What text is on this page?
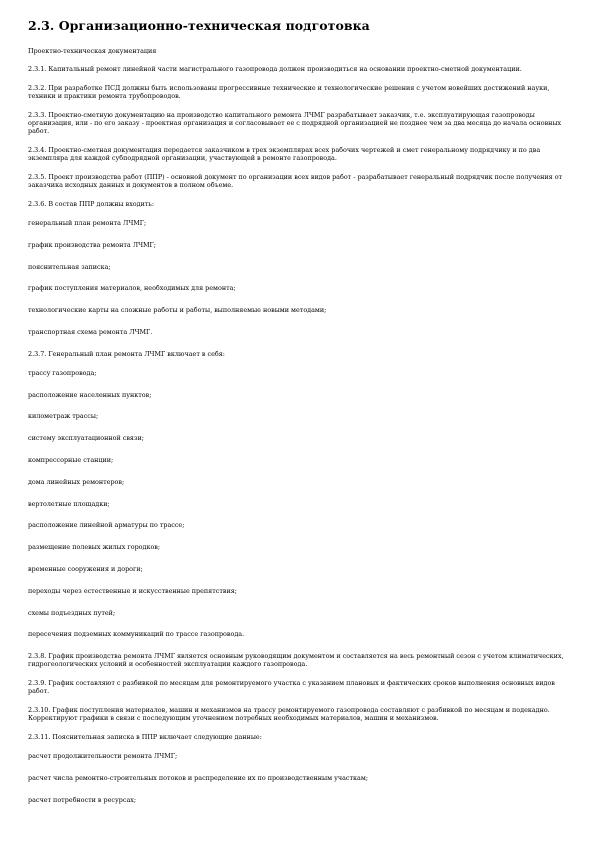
2.3. Организационно-техническая подготовка

Проектно-техническая документация

2.3.1. Капитальный ремонт линейной части магистрального газопровода должен производиться на основании проектно-сметной документации.

2.3.2. При разработке ПСД должны быть использованы прогрессивные технические и технологические решения с учетом новейших достижений науки, техники и практики ремонта трубопроводов.

2.3.3. Проектно-сметную документацию на производство капитального ремонта ЛЧМГ разрабатывает заказчик, т.е. эксплуатирующая газопроводы организация, или - по его заказу - проектная организация и согласовывает ее с подрядной организацией не позднее чем за два месяца до начала основных работ.

2.3.4. Проектно-сметная документация передается заказчиком в трех экземплярах всех рабочих чертежей и смет генеральному подрядчику и по два экземпляра для каждой субподрядной организации, участвующей в ремонте газопровода.

2.3.5. Проект производства работ (ППР) - основной документ по организации всех видов работ - разрабатывает генеральный подрядчик после получения от заказчика исходных данных и документов в полном объеме.

2.3.6. В состав ППР должны входить:

генеральный план ремонта ЛЧМГ;

график производства ремонта ЛЧМГ;

пояснительная записка;

график поступления материалов, необходимых для ремонта;

технологические карты на сложные работы и работы, выполняемые новыми методами;

транспортная схема ремонта ЛЧМГ.

2.3.7. Генеральный план ремонта ЛЧМГ включает в себя:

трассу газопровода;

расположение населенных пунктов;

километраж трассы;

систему эксплуатационной связи;

компрессорные станции;

дома линейных ремонтеров;

вертолетные площадки;

расположение линейной арматуры по трассе;

размещение полевых жилых городков;

временные сооружения и дороги;

переходы через естественные и искусственные препятствия;

схемы подъездных путей;

пересечения подземных коммуникаций по трассе газопровода.

2.3.8. График производства ремонта ЛЧМГ является основным руководящим документом и составляется на весь ремонтный сезон с учетом климатических, гидрогеологических условий и особенностей эксплуатации каждого газопровода.

2.3.9. График составляют с разбивкой по месяцам для ремонтируемого участка с указанием плановых и фактических сроков выполнения основных видов работ.

2.3.10. График поступления материалов, машин и механизмов на трассу ремонтируемого газопровода составляют с разбивкой по месяцам и подекадно. Корректируют графики в связи с последующим уточнением потребных необходимых материалов, машин и механизмов.

2.3.11. Пояснительная записка в ППР включает следующие данные:

расчет продолжительности ремонта ЛЧМГ;

расчет числа ремонтно-строительных потоков и распределение их по производственным участкам;

расчет потребности в ресурсах;
